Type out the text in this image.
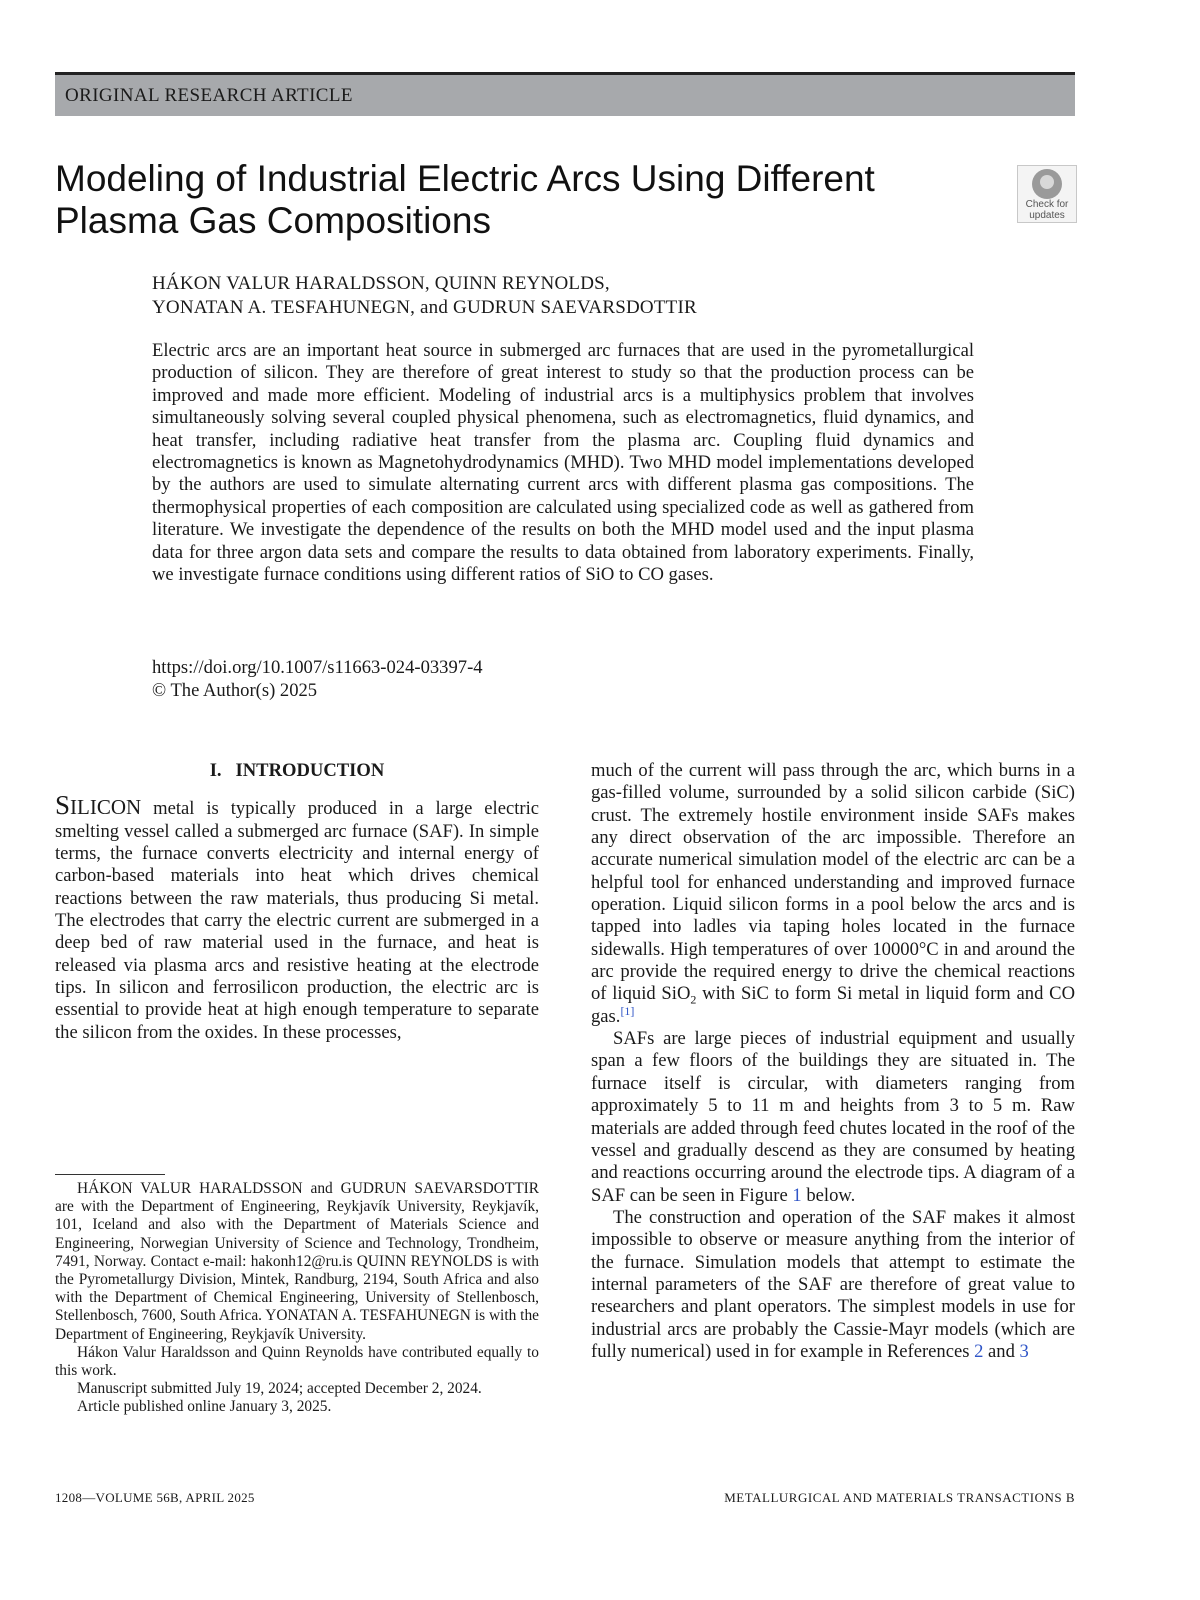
ORIGINAL RESEARCH ARTICLE
Modeling of Industrial Electric Arcs Using Different Plasma Gas Compositions	Check for
updates
HÁKON VALUR HARALDSSON, QUINN REYNOLDS,
YONATAN A. TESFAHUNEGN, and GUDRUN SAEVARSDOTTIR

Electric arcs are an important heat source in submerged arc furnaces that are used in the pyrometallurgical production of silicon. They are therefore of great interest to study so that the production process can be improved and made more efficient. Modeling of industrial arcs is a multiphysics problem that involves simultaneously solving several coupled physical phenomena, such as electromagnetics, fluid dynamics, and heat transfer, including radiative heat transfer from the plasma arc. Coupling fluid dynamics and electromagnetics is known as Magnetohydrodynamics (MHD). Two MHD model implementations developed by the authors are used to simulate alternating current arcs with different plasma gas compositions. The thermophysical properties of each composition are calculated using specialized code as well as gathered from literature. We investigate the dependence of the results on both the MHD model used and the input plasma data for three argon data sets and compare the results to data obtained from laboratory experiments. Finally, we investigate furnace conditions using different ratios of SiO to CO gases.

https://doi.org/10.1007/s11663-024-03397-4
© The Author(s) 2025
I.   INTRODUCTION

SILICON metal is typically produced in a large electric smelting vessel called a submerged arc furnace (SAF). In simple terms, the furnace converts electricity and internal energy of carbon-based materials into heat which drives chemical reactions between the raw materials, thus producing Si metal. The electrodes that carry the electric current are submerged in a deep bed of raw material used in the furnace, and heat is released via plasma arcs and resistive heating at the electrode tips. In silicon and ferrosilicon production, the electric arc is essential to provide heat at high enough temperature to separate the silicon from the oxides. In these processes,

much of the current will pass through the arc, which burns in a gas-filled volume, surrounded by a solid silicon carbide (SiC) crust. The extremely hostile environment inside SAFs makes any direct observation of the arc impossible. Therefore an accurate numerical simulation model of the electric arc can be a helpful tool for enhanced understanding and improved furnace operation. Liquid silicon forms in a pool below the arcs and is tapped into ladles via taping holes located in the furnace sidewalls. High temperatures of over 10000°C in and around the arc provide the required energy to drive the chemical reactions of liquid SiO$_2$ with SiC to form Si metal in liquid form and CO gas.[1]

SAFs are large pieces of industrial equipment and usually span a few floors of the buildings they are situated in. The furnace itself is circular, with diameters ranging from approximately 5 to 11 m and heights from 3 to 5 m. Raw materials are added through feed chutes located in the roof of the vessel and gradually descend as they are consumed by heating and reactions occurring around the electrode tips. A diagram of a SAF can be seen in Figure 1 below.

The construction and operation of the SAF makes it almost impossible to observe or measure anything from the interior of the furnace. Simulation models that attempt to estimate the internal parameters of the SAF are therefore of great value to researchers and plant operators. The simplest models in use for industrial arcs are probably the Cassie-Mayr models (which are fully numerical) used in for example in References 2 and 3

HÁKON VALUR HARALDSSON and GUDRUN SAEVARSDOTTIR are with the Department of Engineering, Reykjavík University, Reykjavík, 101, Iceland and also with the Department of Materials Science and Engineering, Norwegian University of Science and Technology, Trondheim, 7491, Norway. Contact e-mail: hakonh12@ru.is QUINN REYNOLDS is with the Pyrometallurgy Division, Mintek, Randburg, 2194, South Africa and also with the Department of Chemical Engineering, University of Stellenbosch, Stellenbosch, 7600, South Africa. YONATAN A. TESFAHUNEGN is with the Department of Engineering, Reykjavík University.

Hákon Valur Haraldsson and Quinn Reynolds have contributed equally to this work.

Manuscript submitted July 19, 2024; accepted December 2, 2024.

Article published online January 3, 2025.

1208—VOLUME 56B, APRIL 2025	METALLURGICAL AND MATERIALS TRANSACTIONS B
